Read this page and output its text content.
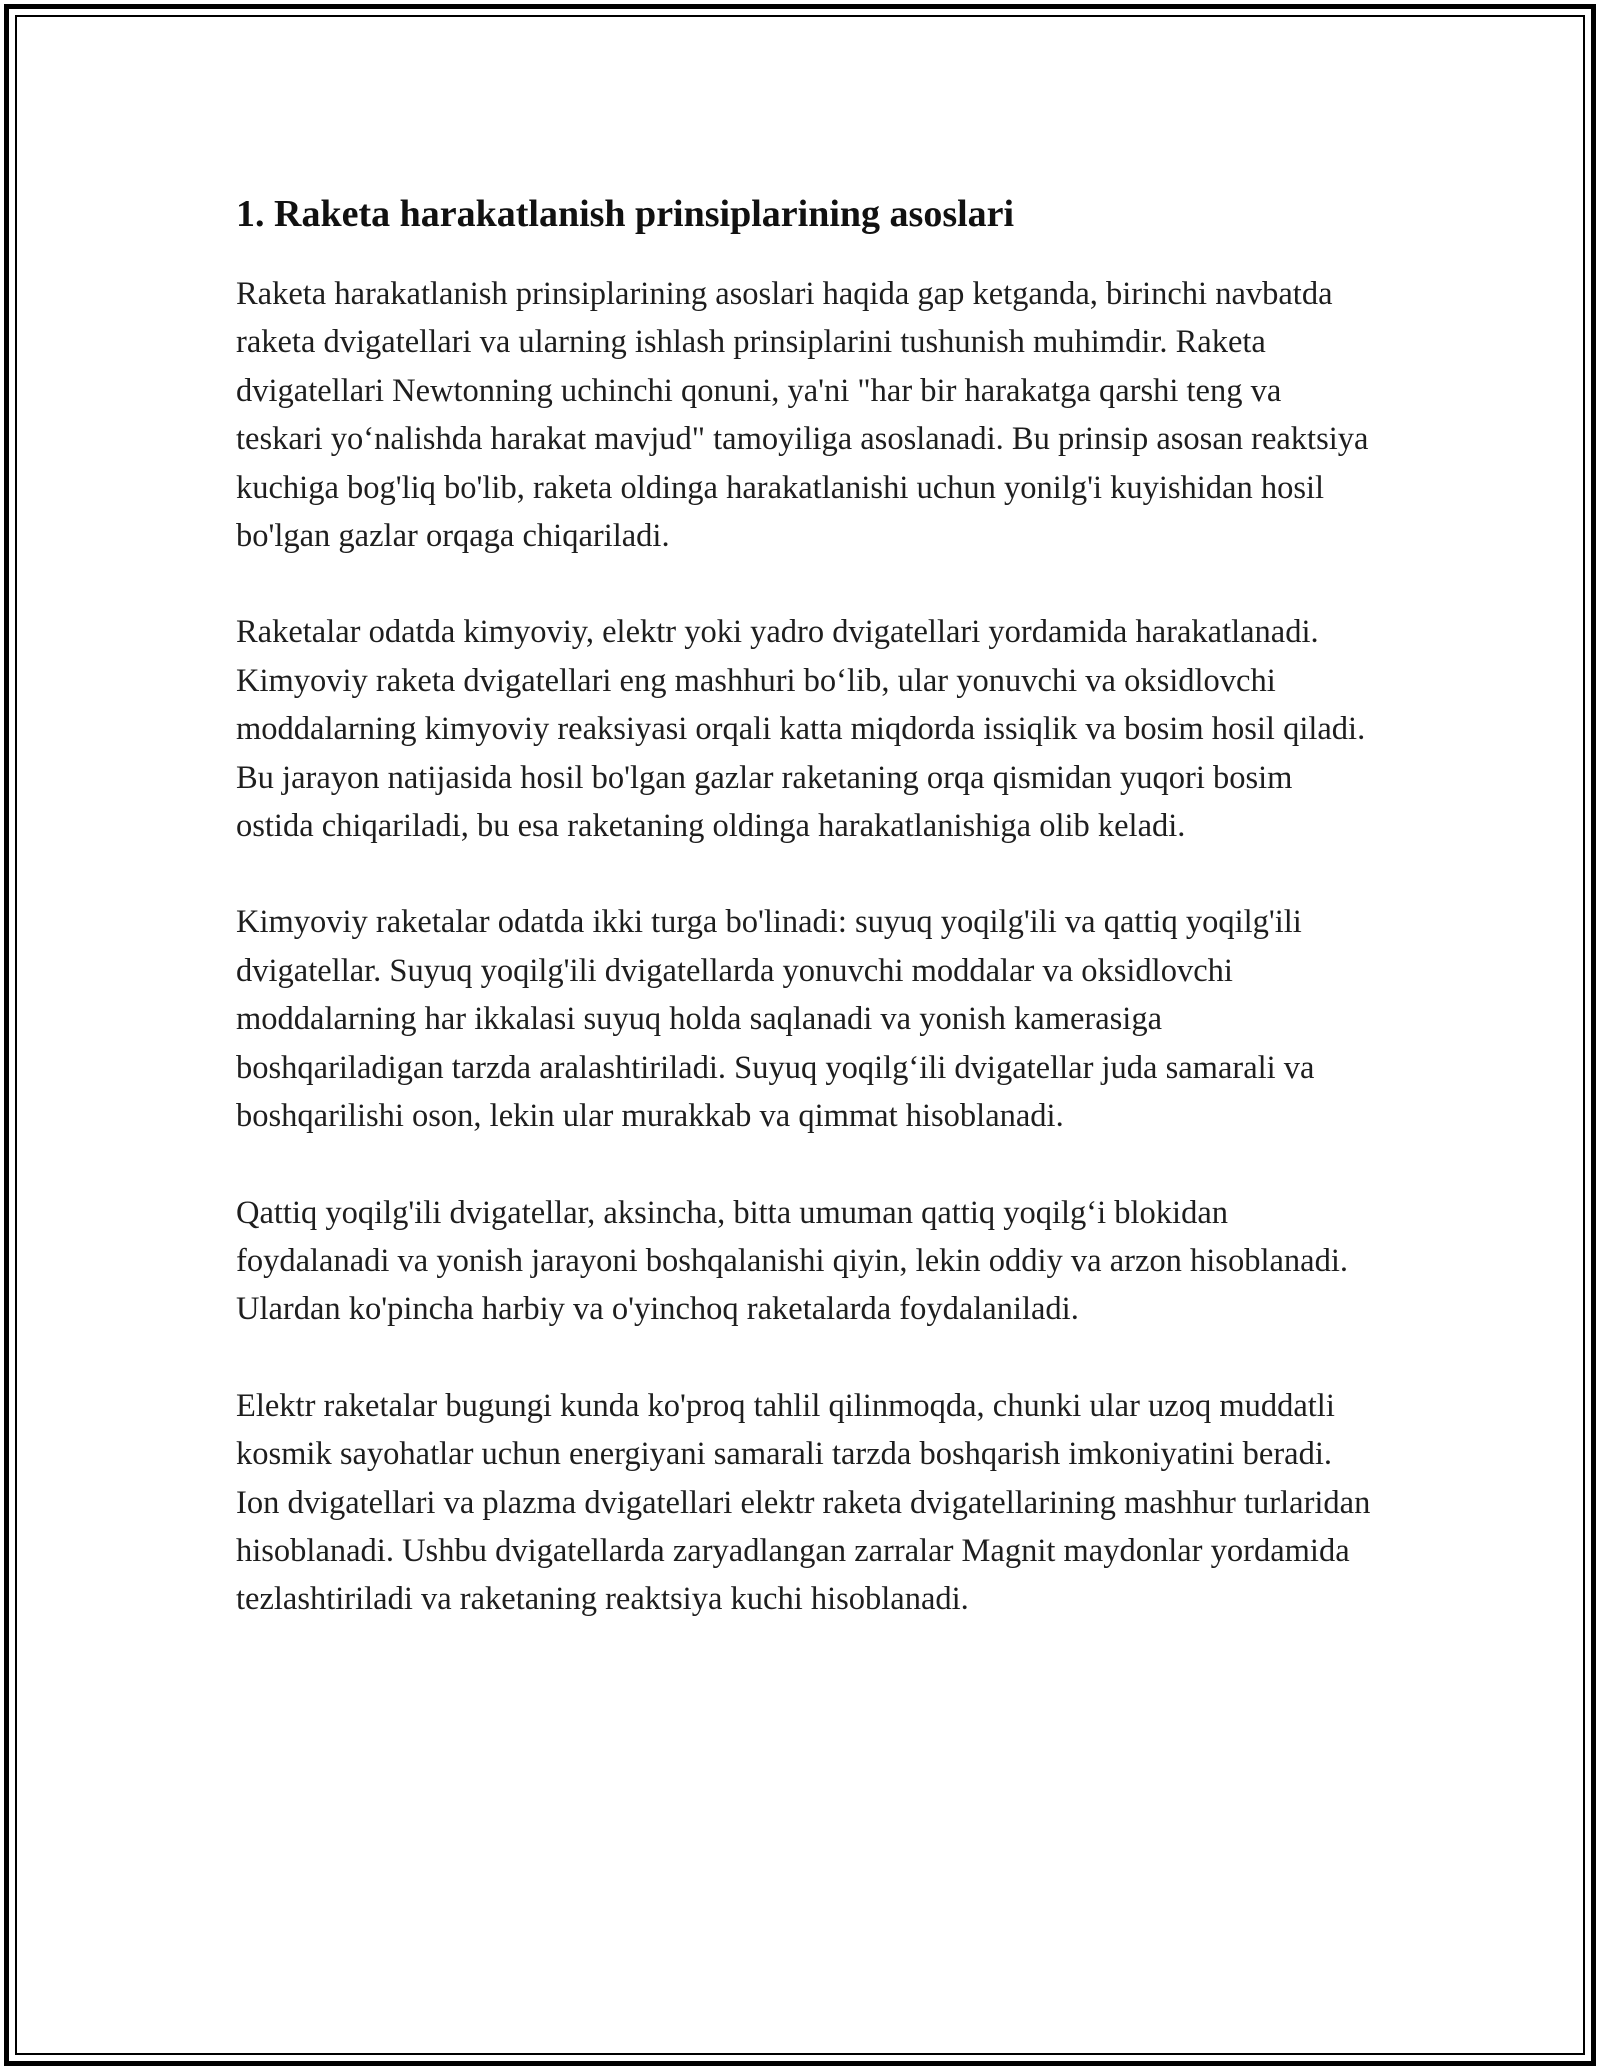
1. Raketa harakatlanish prinsiplarining asoslari

Raketa harakatlanish prinsiplarining asoslari haqida gap ketganda, birinchi navbatda raketa dvigatellari va ularning ishlash prinsiplarini tushunish muhimdir. Raketa dvigatellari Newtonning uchinchi qonuni, ya'ni "har bir harakatga qarshi teng va teskari yo‘nalishda harakat mavjud" tamoyiliga asoslanadi. Bu prinsip asosan reaktsiya kuchiga bog'liq bo'lib, raketa oldinga harakatlanishi uchun yonilg'i kuyishidan hosil bo'lgan gazlar orqaga chiqariladi.

Raketalar odatda kimyoviy, elektr yoki yadro dvigatellari yordamida harakatlanadi. Kimyoviy raketa dvigatellari eng mashhuri bo‘lib, ular yonuvchi va oksidlovchi moddalarning kimyoviy reaksiyasi orqali katta miqdorda issiqlik va bosim hosil qiladi. Bu jarayon natijasida hosil bo'lgan gazlar raketaning orqa qismidan yuqori bosim ostida chiqariladi, bu esa raketaning oldinga harakatlanishiga olib keladi.

Kimyoviy raketalar odatda ikki turga bo'linadi: suyuq yoqilg'ili va qattiq yoqilg'ili dvigatellar. Suyuq yoqilg'ili dvigatellarda yonuvchi moddalar va oksidlovchi moddalarning har ikkalasi suyuq holda saqlanadi va yonish kamerasiga boshqariladigan tarzda aralashtiriladi. Suyuq yoqilg‘ili dvigatellar juda samarali va boshqarilishi oson, lekin ular murakkab va qimmat hisoblanadi.

Qattiq yoqilg'ili dvigatellar, aksincha, bitta umuman qattiq yoqilg‘i blokidan foydalanadi va yonish jarayoni boshqalanishi qiyin, lekin oddiy va arzon hisoblanadi. Ulardan ko'pincha harbiy va o'yinchoq raketalarda foydalaniladi.

Elektr raketalar bugungi kunda ko'proq tahlil qilinmoqda, chunki ular uzoq muddatli kosmik sayohatlar uchun energiyani samarali tarzda boshqarish imkoniyatini beradi. Ion dvigatellari va plazma dvigatellari elektr raketa dvigatellarining mashhur turlaridan hisoblanadi. Ushbu dvigatellarda zaryadlangan zarralar Magnit maydonlar yordamida tezlashtiriladi va raketaning reaktsiya kuchi hisoblanadi.
